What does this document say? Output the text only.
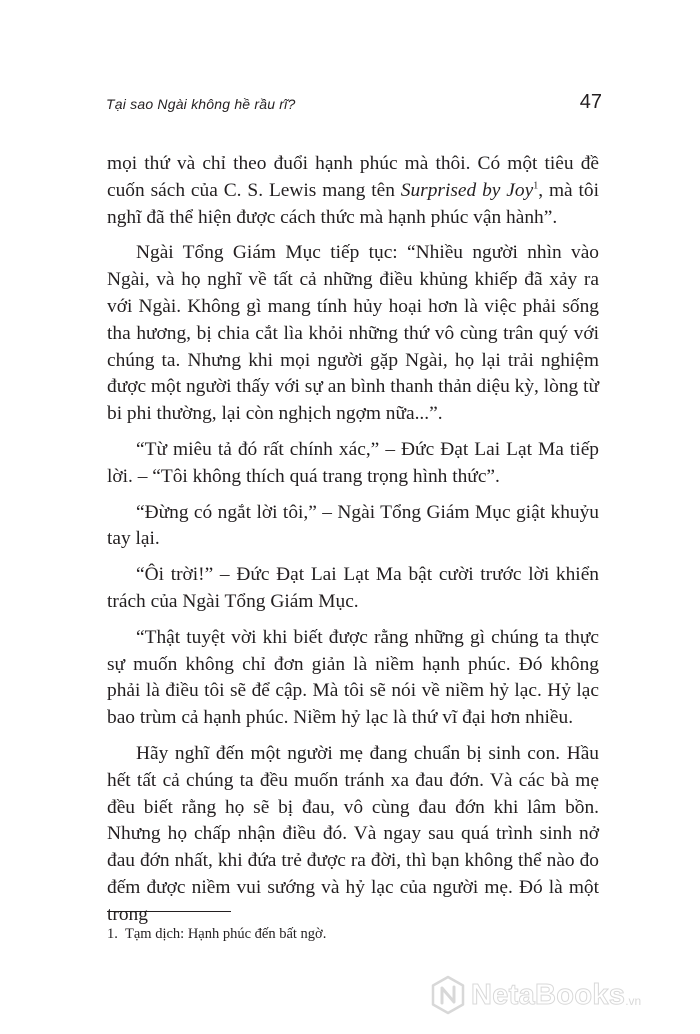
Tại sao Ngài không hề rầu rĩ?	47

mọi thứ và chỉ theo đuổi hạnh phúc mà thôi. Có một tiêu đề cuốn sách của C. S. Lewis mang tên Surprised by Joy$^1$, mà tôi nghĩ đã thể hiện được cách thức mà hạnh phúc vận hành”.

Ngài Tổng Giám Mục tiếp tục: “Nhiều người nhìn vào Ngài, và họ nghĩ về tất cả những điều khủng khiếp đã xảy ra với Ngài. Không gì mang tính hủy hoại hơn là việc phải sống tha hương, bị chia cắt lìa khỏi những thứ vô cùng trân quý với chúng ta. Nhưng khi mọi người gặp Ngài, họ lại trải nghiệm được một người thấy với sự an bình thanh thản diệu kỳ, lòng từ bi phi thường, lại còn nghịch ngợm nữa...”.

“Từ miêu tả đó rất chính xác,” – Đức Đạt Lai Lạt Ma tiếp lời. – “Tôi không thích quá trang trọng hình thức”.

“Đừng có ngắt lời tôi,” – Ngài Tổng Giám Mục giật khuỷu tay lại.

“Ôi trời!” – Đức Đạt Lai Lạt Ma bật cười trước lời khiển trách của Ngài Tổng Giám Mục.

“Thật tuyệt vời khi biết được rằng những gì chúng ta thực sự muốn không chỉ đơn giản là niềm hạnh phúc. Đó không phải là điều tôi sẽ để cập. Mà tôi sẽ nói về niềm hỷ lạc. Hỷ lạc bao trùm cả hạnh phúc. Niềm hỷ lạc là thứ vĩ đại hơn nhiều.

Hãy nghĩ đến một người mẹ đang chuẩn bị sinh con. Hầu hết tất cả chúng ta đều muốn tránh xa đau đớn. Và các bà mẹ đều biết rằng họ sẽ bị đau, vô cùng đau đớn khi lâm bồn. Nhưng họ chấp nhận điều đó. Và ngay sau quá trình sinh nở đau đớn nhất, khi đứa trẻ được ra đời, thì bạn không thể nào đo đếm được niềm vui sướng và hỷ lạc của người mẹ. Đó là một trong

1. Tạm dịch: Hạnh phúc đến bất ngờ.
NetaBooks .vn
